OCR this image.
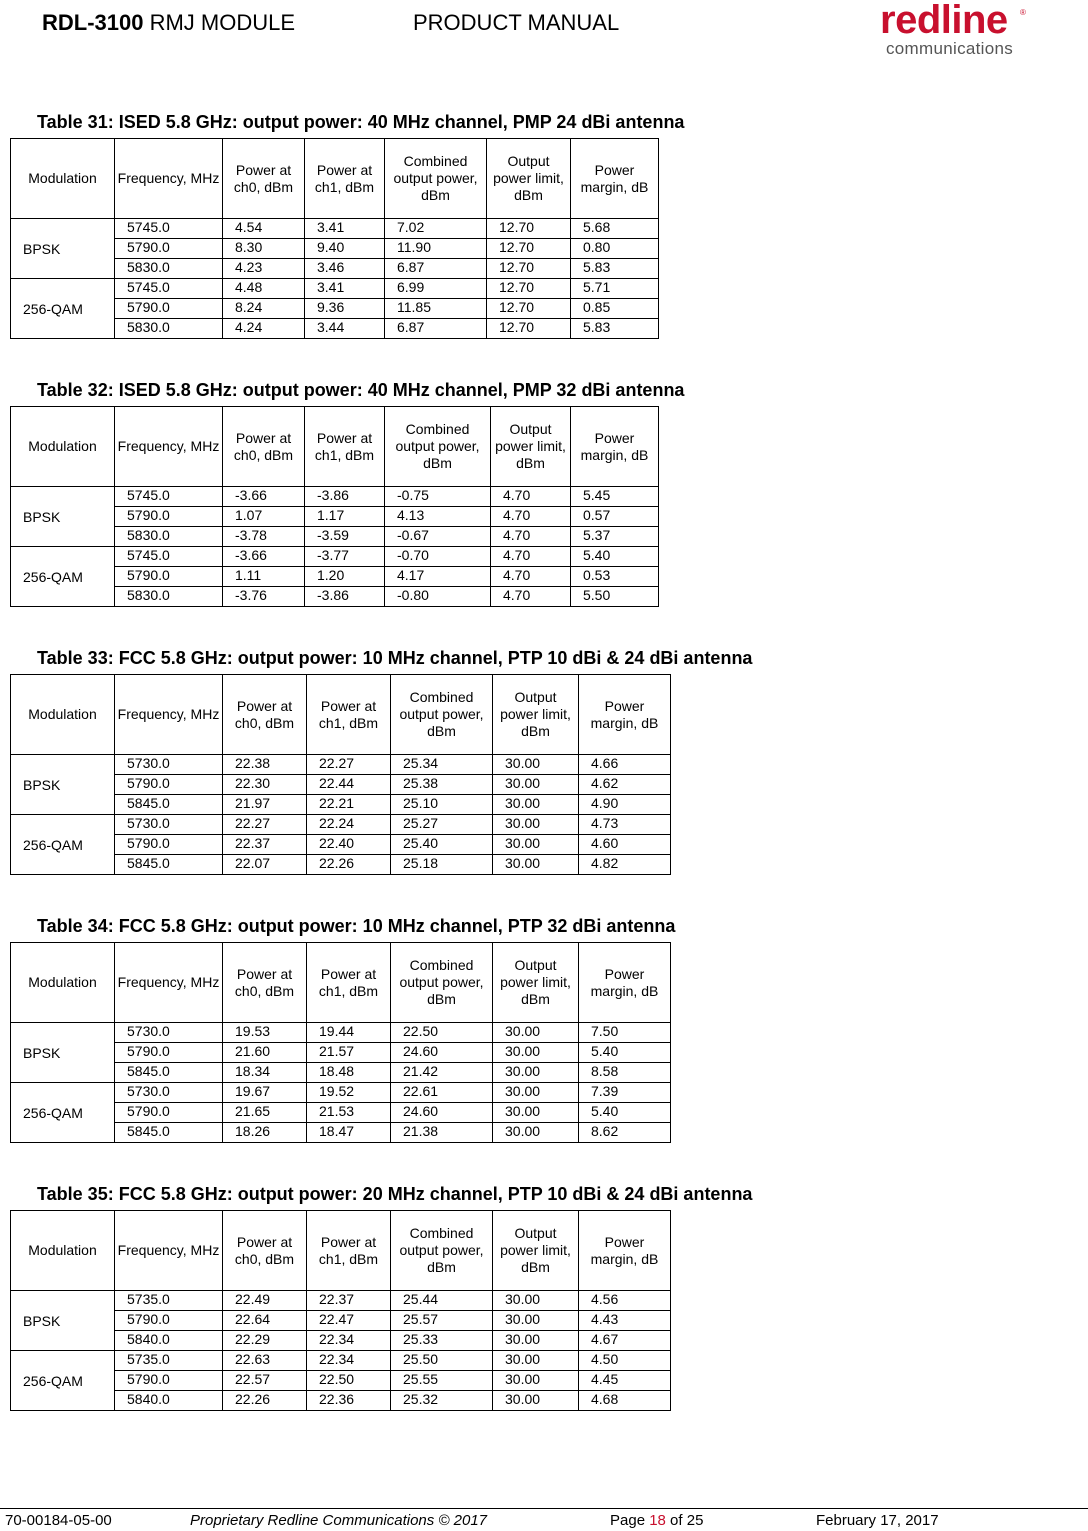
RDL-3100 RMJ MODULE	PRODUCT MANUAL	redline	®
communications
Table 31: ISED 5.8 GHz: output power: 40 MHz channel, PMP 24 dBi antenna
Modulation	Frequency, MHz	Power at ch0, dBm	Power at ch1, dBm	Combined output power, dBm	Output power limit, dBm	Power margin, dB
BPSK	5745.0	4.54	3.41	7.02	12.70	5.68
	5790.0	8.30	9.40	11.90	12.70	0.80
	5830.0	4.23	3.46	6.87	12.70	5.83
256-QAM	5745.0	4.48	3.41	6.99	12.70	5.71
	5790.0	8.24	9.36	11.85	12.70	0.85
	5830.0	4.24	3.44	6.87	12.70	5.83
Table 32: ISED 5.8 GHz: output power: 40 MHz channel, PMP 32 dBi antenna
Modulation	Frequency, MHz	Power at ch0, dBm	Power at ch1, dBm	Combined output power, dBm	Output power limit, dBm	Power margin, dB
BPSK	5745.0	-3.66	-3.86	-0.75	4.70	5.45
	5790.0	1.07	1.17	4.13	4.70	0.57
	5830.0	-3.78	-3.59	-0.67	4.70	5.37
256-QAM	5745.0	-3.66	-3.77	-0.70	4.70	5.40
	5790.0	1.11	1.20	4.17	4.70	0.53
	5830.0	-3.76	-3.86	-0.80	4.70	5.50
Table 33: FCC 5.8 GHz: output power: 10 MHz channel, PTP 10 dBi & 24 dBi antenna
Modulation	Frequency, MHz	Power at ch0, dBm	Power at ch1, dBm	Combined output power, dBm	Output power limit, dBm	Power margin, dB
BPSK	5730.0	22.38	22.27	25.34	30.00	4.66
	5790.0	22.30	22.44	25.38	30.00	4.62
	5845.0	21.97	22.21	25.10	30.00	4.90
256-QAM	5730.0	22.27	22.24	25.27	30.00	4.73
	5790.0	22.37	22.40	25.40	30.00	4.60
	5845.0	22.07	22.26	25.18	30.00	4.82
Table 34: FCC 5.8 GHz: output power: 10 MHz channel, PTP 32 dBi antenna
Modulation	Frequency, MHz	Power at ch0, dBm	Power at ch1, dBm	Combined output power, dBm	Output power limit, dBm	Power margin, dB
BPSK	5730.0	19.53	19.44	22.50	30.00	7.50
	5790.0	21.60	21.57	24.60	30.00	5.40
	5845.0	18.34	18.48	21.42	30.00	8.58
256-QAM	5730.0	19.67	19.52	22.61	30.00	7.39
	5790.0	21.65	21.53	24.60	30.00	5.40
	5845.0	18.26	18.47	21.38	30.00	8.62
Table 35: FCC 5.8 GHz: output power: 20 MHz channel, PTP 10 dBi & 24 dBi antenna
Modulation	Frequency, MHz	Power at ch0, dBm	Power at ch1, dBm	Combined output power, dBm	Output power limit, dBm	Power margin, dB
BPSK	5735.0	22.49	22.37	25.44	30.00	4.56
	5790.0	22.64	22.47	25.57	30.00	4.43
	5840.0	22.29	22.34	25.33	30.00	4.67
256-QAM	5735.0	22.63	22.34	25.50	30.00	4.50
	5790.0	22.57	22.50	25.55	30.00	4.45
	5840.0	22.26	22.36	25.32	30.00	4.68
70-00184-05-00	Proprietary Redline Communications © 2017	Page 18 of 25	February 17, 2017
